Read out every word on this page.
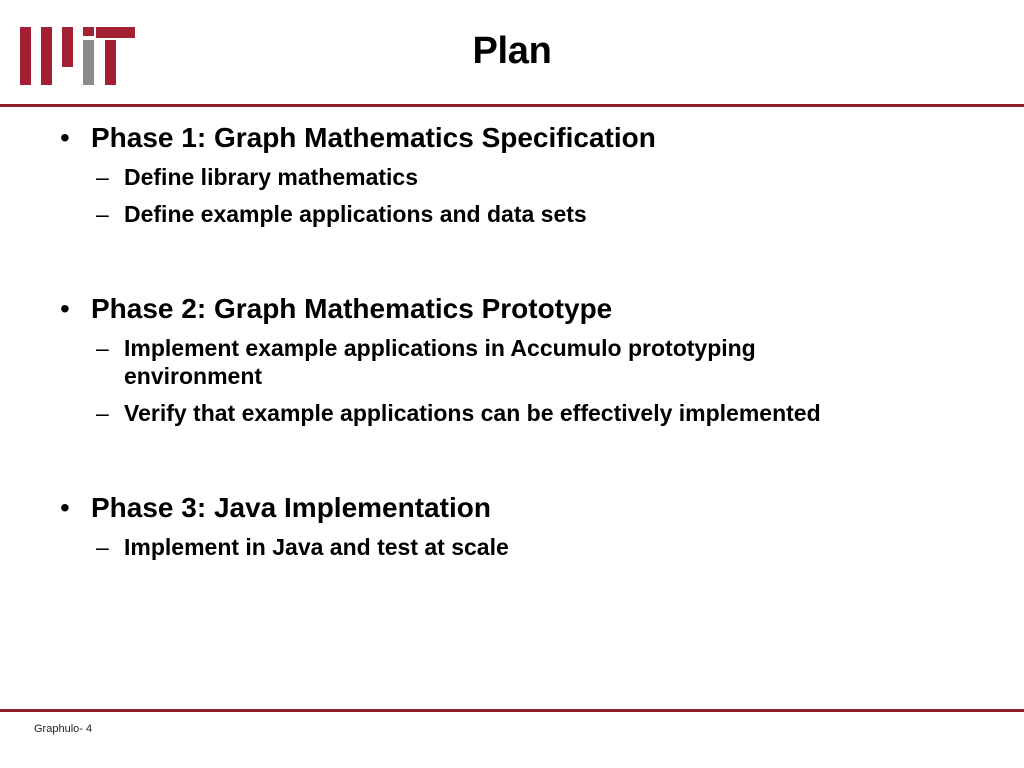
Plan
• Phase 1: Graph Mathematics Specification
– Define library mathematics
– Define example applications and data sets
• Phase 2: Graph Mathematics Prototype
– Implement example applications in Accumulo prototyping environment
– Verify that example applications can be effectively implemented
• Phase 3: Java Implementation
– Implement in Java and test at scale
Graphulo- 4
